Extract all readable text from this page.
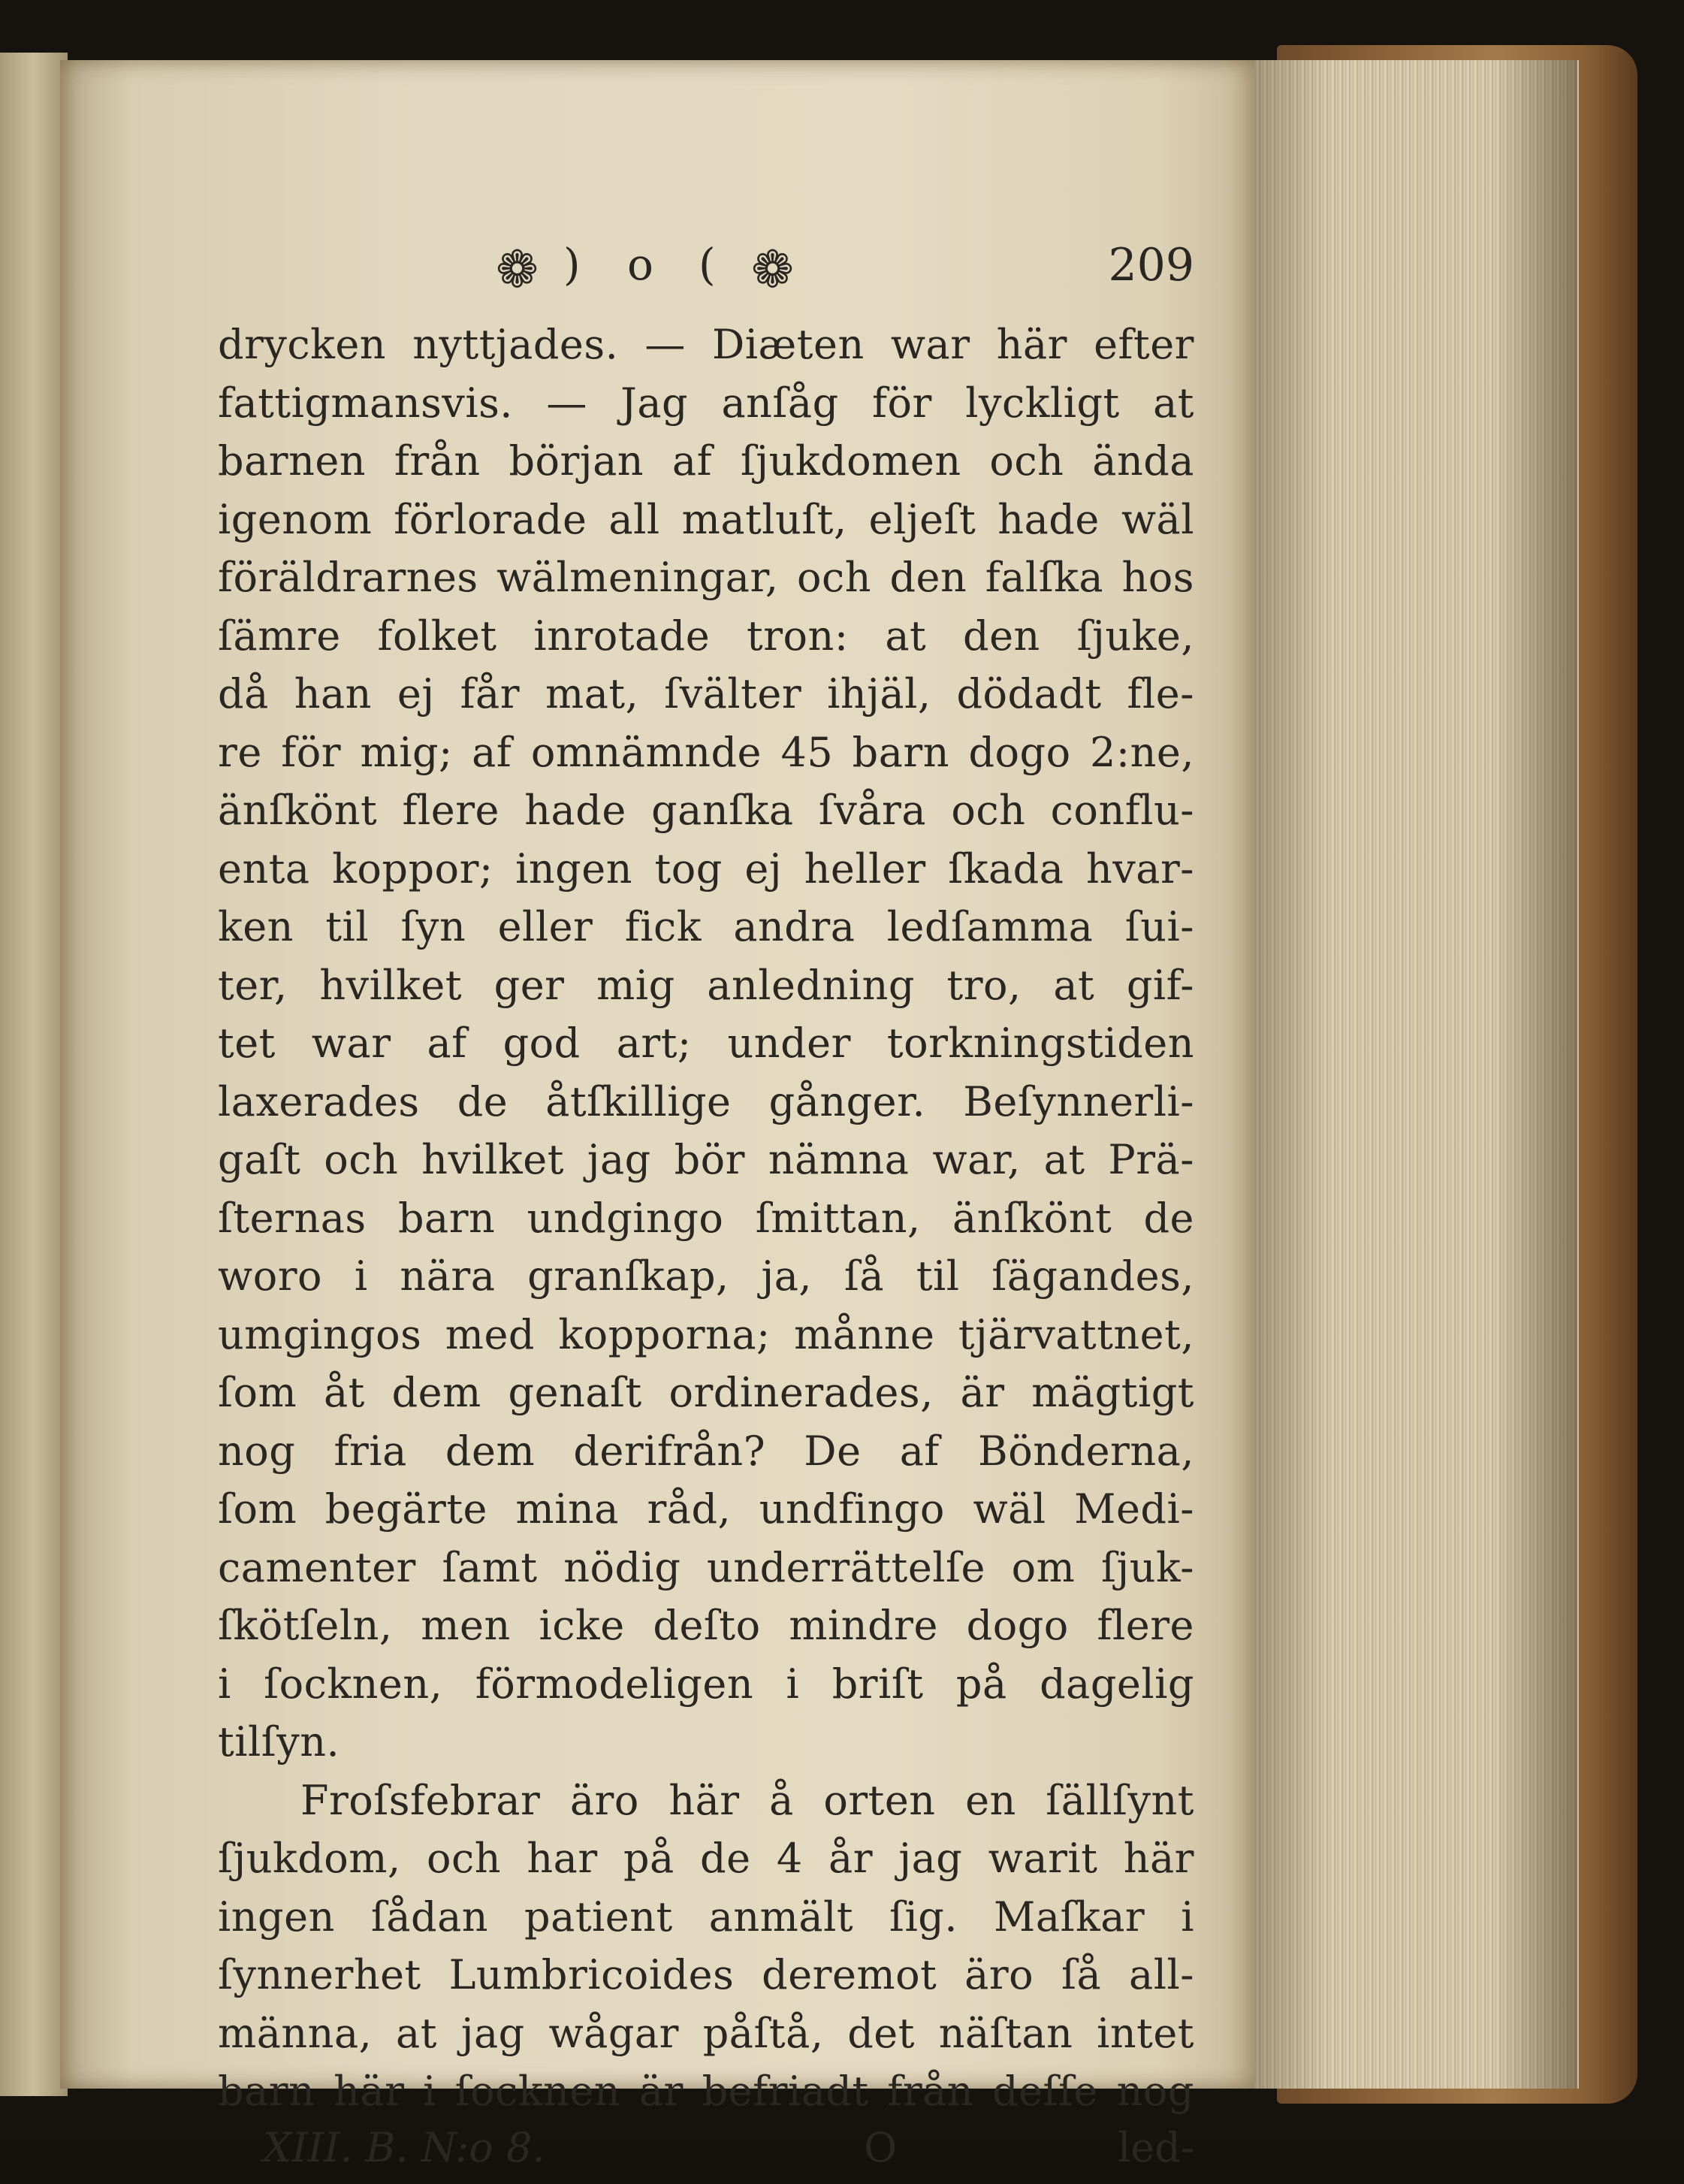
❁ ) o ( ❁	209
drycken nyttjades. — Diæten war här efter
fattigmansvis. — Jag anſåg för lyckligt at
barnen från början af ſjukdomen och ända
igenom förlorade all matluſt, eljeſt hade wäl
föräldrarnes wälmeningar, och den falſka hos
ſämre folket inrotade tron: at den ſjuke,
då han ej får mat, ſvälter ihjäl, dödadt fle-
re för mig; af omnämnde 45 barn dogo 2:ne,
änſkönt flere hade ganſka ſvåra och conflu-
enta koppor; ingen tog ej heller ſkada hvar-
ken til ſyn eller fick andra ledſamma ſui-
ter, hvilket ger mig anledning tro, at gif-
tet war af god art; under torkningstiden
laxerades de åtſkillige gånger. Beſynnerli-
gaſt och hvilket jag bör nämna war, at Prä-
ſternas barn undgingo ſmittan, änſkönt de
woro i nära granſkap, ja, ſå til ſägandes,
umgingos med kopporna; månne tjärvattnet,
ſom åt dem genaſt ordinerades, är mägtigt
nog fria dem derifrån? De af Bönderna,
ſom begärte mina råd, undfingo wäl Medi-
camenter ſamt nödig underrättelſe om ſjuk-
ſkötſeln, men icke deſto mindre dogo flere
i ſocknen, förmodeligen i briſt på dagelig
tilſyn.
Froſsfebrar äro här å orten en ſällſynt
ſjukdom, och har på de 4 år jag warit här
ingen ſådan patient anmält ſig. Maſkar i
ſynnerhet Lumbricoides deremot äro ſå all-
männa, at jag wågar påſtå, det näſtan intet
barn här i ſocknen är befriadt från deſſe nog
XIII. B. N:o 8.	O	led-
